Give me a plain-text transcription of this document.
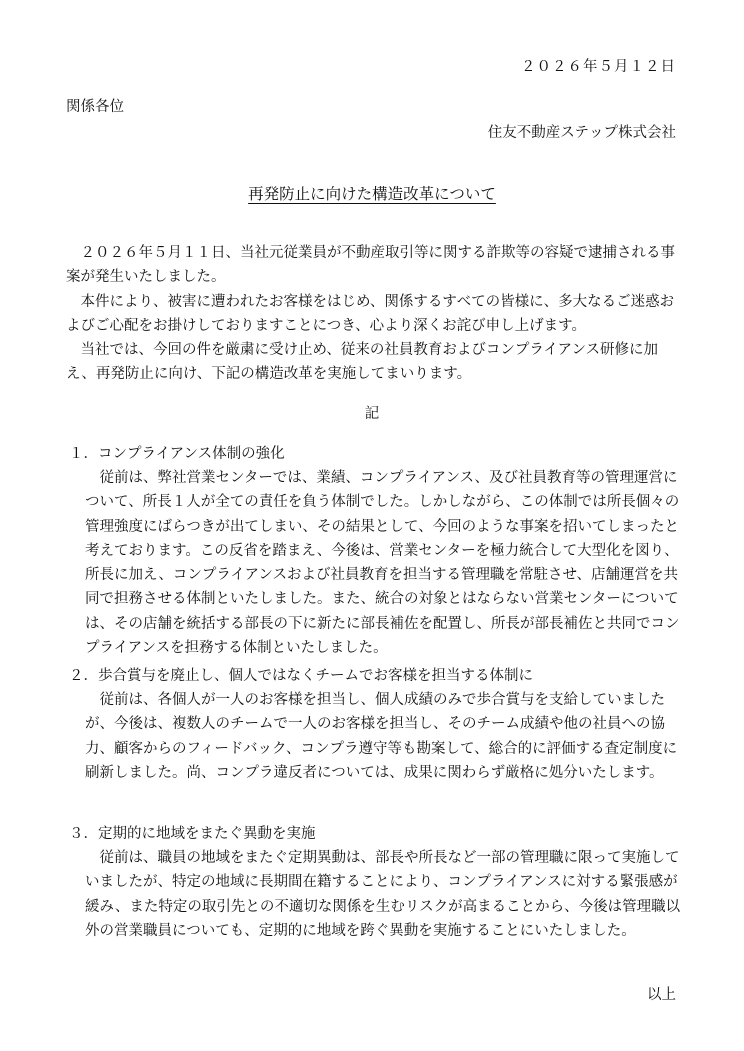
２０２６年５月１２日
関係各位
住友不動産ステップ株式会社
再発防止に向けた構造改革について

２０２６年５月１１日、当社元従業員が不動産取引等に関する詐欺等の容疑で逮捕される事案が発生いたしました。

本件により、被害に遭われたお客様をはじめ、関係するすべての皆様に、多大なるご迷惑およびご心配をお掛けしておりますことにつき、心より深くお詫び申し上げます。

当社では、今回の件を厳粛に受け止め、従来の社員教育およびコンプライアンス研修に加え、再発防止に向け、下記の構造改革を実施してまいります。

記
１．コンプライアンス体制の強化

従前は、弊社営業センターでは、業績、コンプライアンス、及び社員教育等の管理運営について、所長１人が全ての責任を負う体制でした。しかしながら、この体制では所長個々の管理強度にばらつきが出てしまい、その結果として、今回のような事案を招いてしまったと考えております。この反省を踏まえ、今後は、営業センターを極力統合して大型化を図り、所長に加え、コンプライアンスおよび社員教育を担当する管理職を常駐させ、店舗運営を共同で担務させる体制といたしました。また、統合の対象とはならない営業センターについては、その店舗を統括する部長の下に新たに部長補佐を配置し、所長が部長補佐と共同でコンプライアンスを担務する体制といたしました。

２．歩合賞与を廃止し、個人ではなくチームでお客様を担当する体制に

従前は、各個人が一人のお客様を担当し、個人成績のみで歩合賞与を支給していましたが、今後は、複数人のチームで一人のお客様を担当し、そのチーム成績や他の社員への協力、顧客からのフィードバック、コンプラ遵守等も勘案して、総合的に評価する査定制度に刷新しました。尚、コンプラ違反者については、成果に関わらず厳格に処分いたします。

３．定期的に地域をまたぐ異動を実施

従前は、職員の地域をまたぐ定期異動は、部長や所長など一部の管理職に限って実施していましたが、特定の地域に長期間在籍することにより、コンプライアンスに対する緊張感が緩み、また特定の取引先との不適切な関係を生むリスクが高まることから、今後は管理職以外の営業職員についても、定期的に地域を跨ぐ異動を実施することにいたしました。

以上
